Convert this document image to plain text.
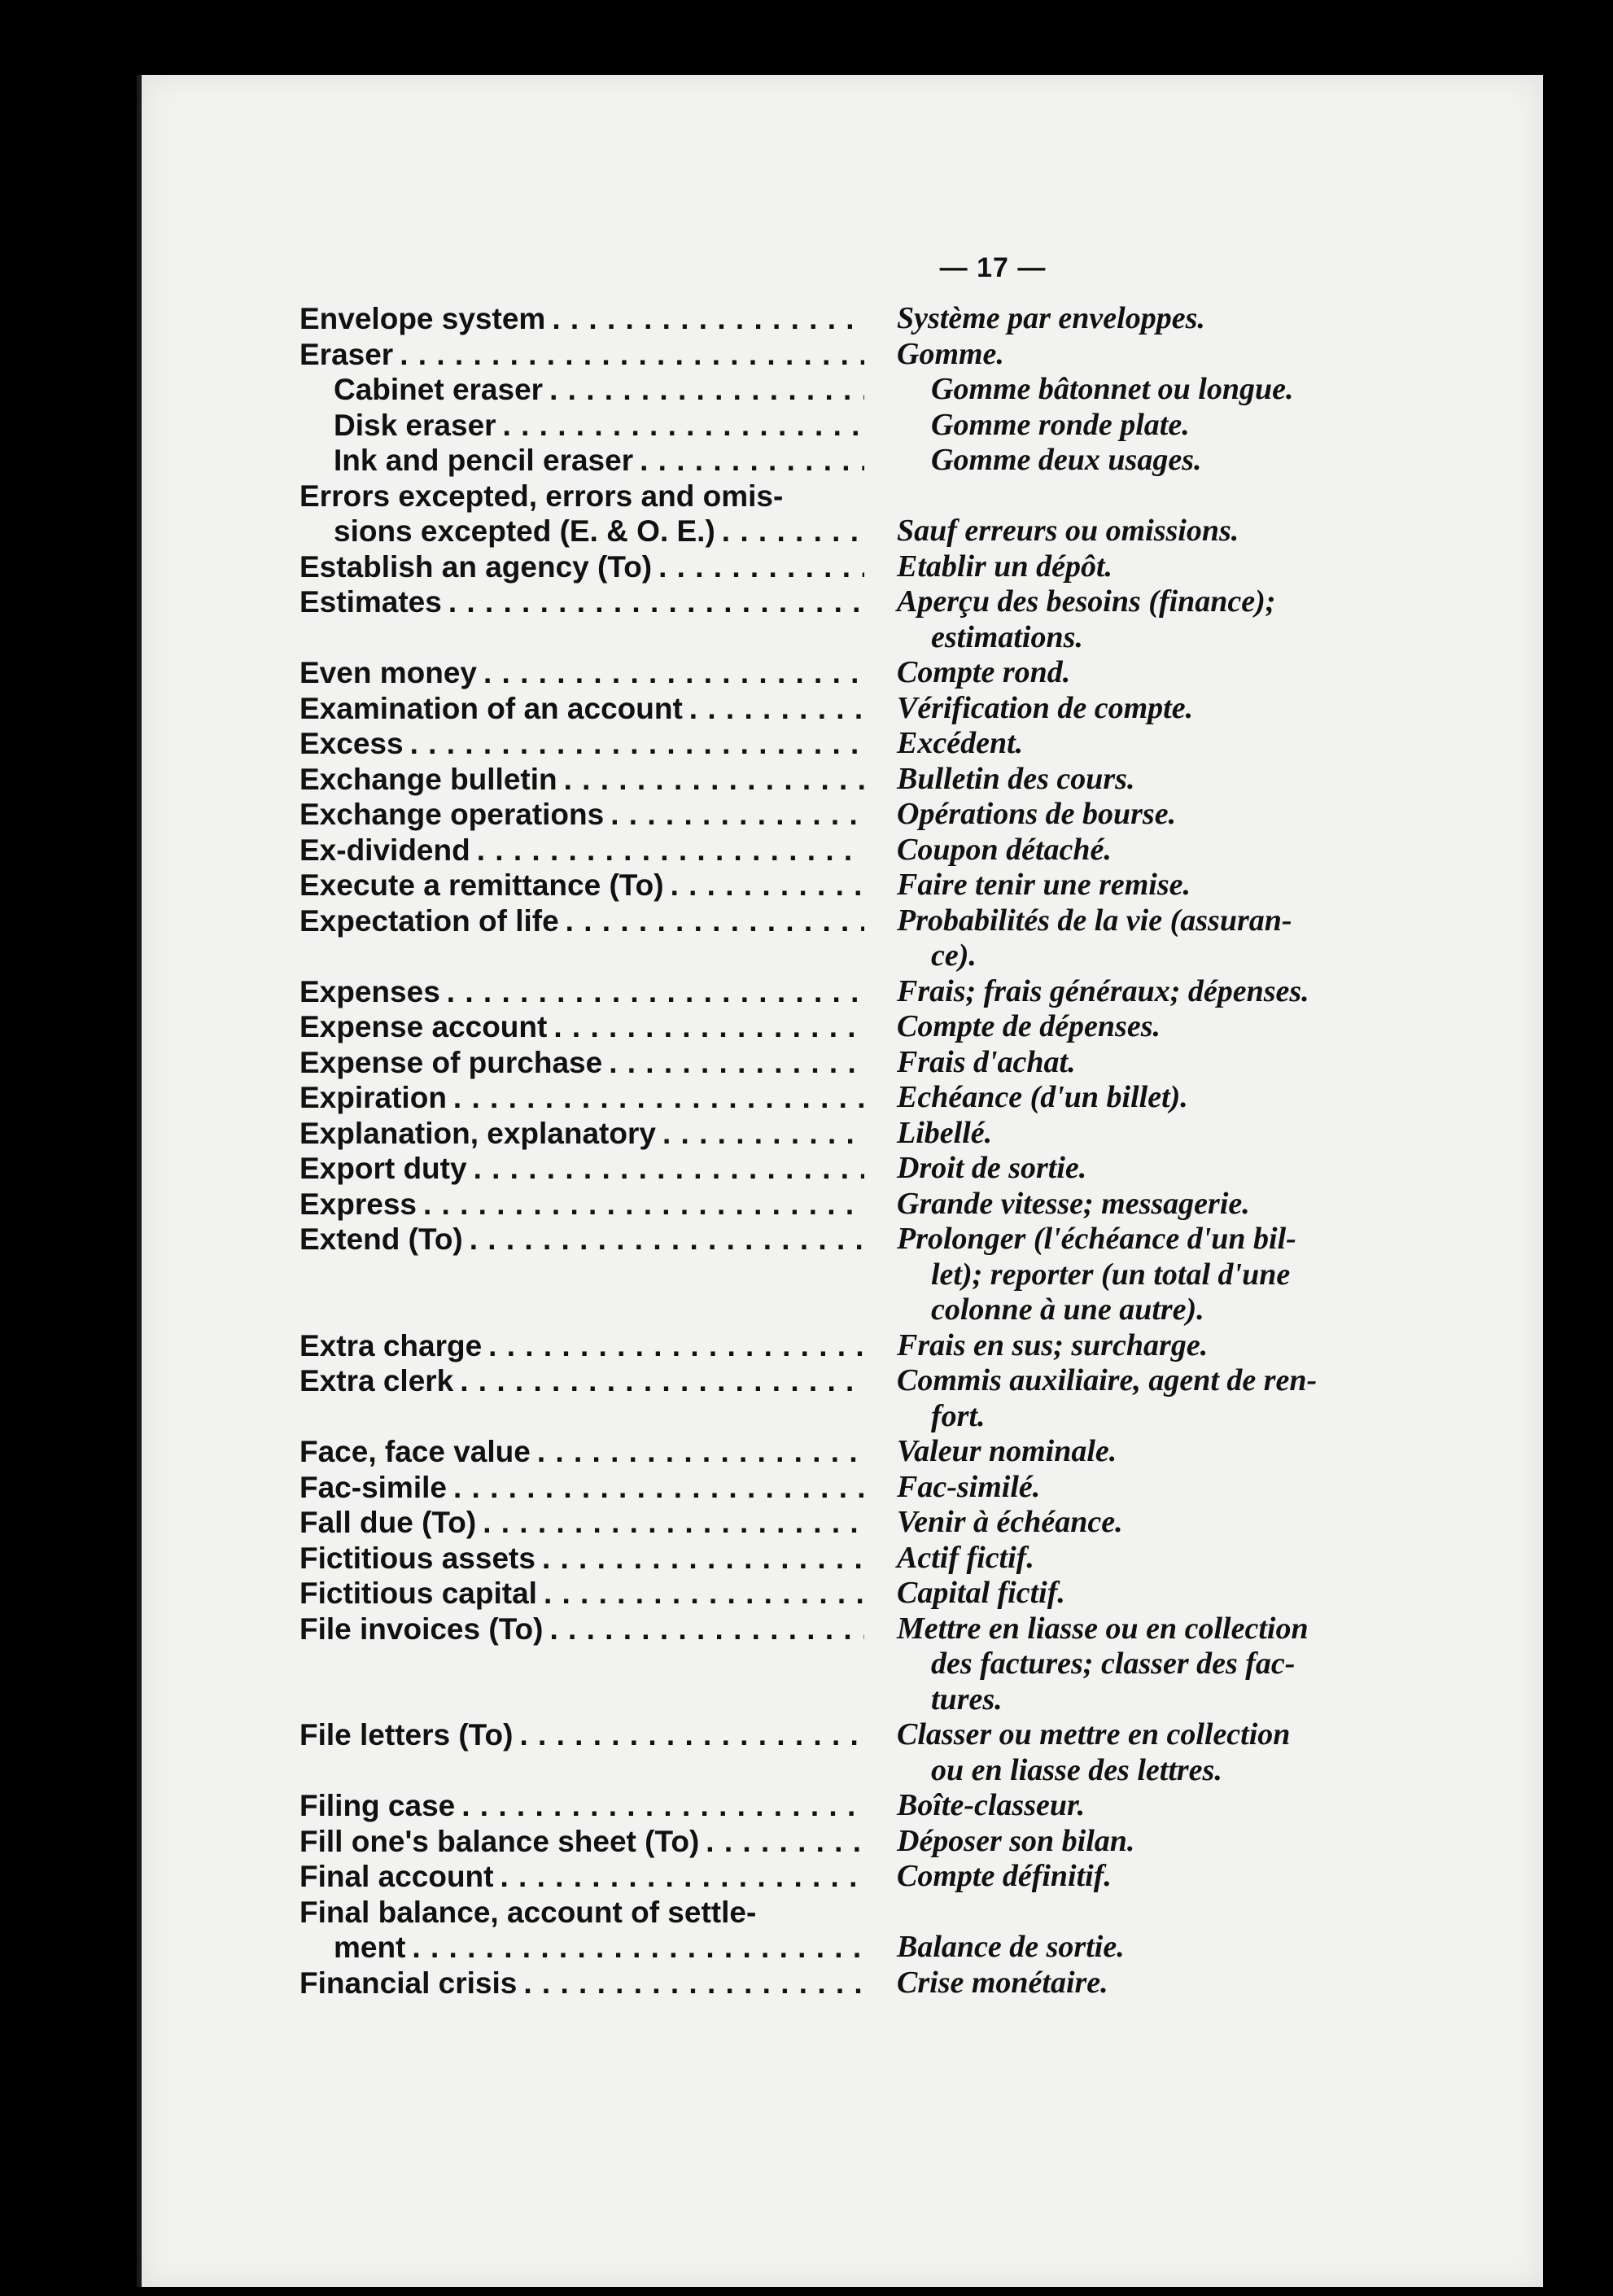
— 17 —
Envelope system . . .	Système par enveloppes.
Eraser . . .	Gomme.
Cabinet eraser . . .	Gomme bâtonnet ou longue.
Disk eraser . . .	Gomme ronde plate.
Ink and pencil eraser . . .	Gomme deux usages.
Errors excepted, errors and omis-
sions excepted (E. & O. E.) . . .
	Sauf erreurs ou omissions.
Establish an agency (To) . . .	Etablir un dépôt.
Estimates . . .	Aperçu des besoins (finance);
estimations.
Even money . . .	Compte rond.
Examination of an account . . .	Vérification de compte.
Excess . . .	Excédent.
Exchange bulletin . . .	Bulletin des cours.
Exchange operations . . .	Opérations de bourse.
Ex-dividend . . .	Coupon détaché.
Execute a remittance (To) . . .	Faire tenir une remise.
Expectation of life . . .	Probabilités de la vie (assuran-
ce).
Expenses . . .	Frais; frais généraux; dépenses.
Expense account . . .	Compte de dépenses.
Expense of purchase . . .	Frais d'achat.
Expiration . . .	Echéance (d'un billet).
Explanation, explanatory . . .	Libellé.
Export duty . . .	Droit de sortie.
Express . . .	Grande vitesse; messagerie.
Extend (To) . . .	Prolonger (l'échéance d'un bil-
let); reporter (un total d'une
colonne à une autre).
Extra charge . . .	Frais en sus; surcharge.
Extra clerk . . .	Commis auxiliaire, agent de ren-
fort.
Face, face value . . .	Valeur nominale.
Fac-simile . . .	Fac-similé.
Fall due (To) . . .	Venir à échéance.
Fictitious assets . . .	Actif fictif.
Fictitious capital . . .	Capital fictif.
File invoices (To) . . .	Mettre en liasse ou en collection
des factures; classer des fac-
tures.
File letters (To) . . .	Classer ou mettre en collection
ou en liasse des lettres.
Filing case . . .	Boîte-classeur.
Fill one's balance sheet (To) . . .	Déposer son bilan.
Final account . . .	Compte définitif.
Final balance, account of settle-
ment . . .
	Balance de sortie.
Financial crisis . . .	Crise monétaire.
